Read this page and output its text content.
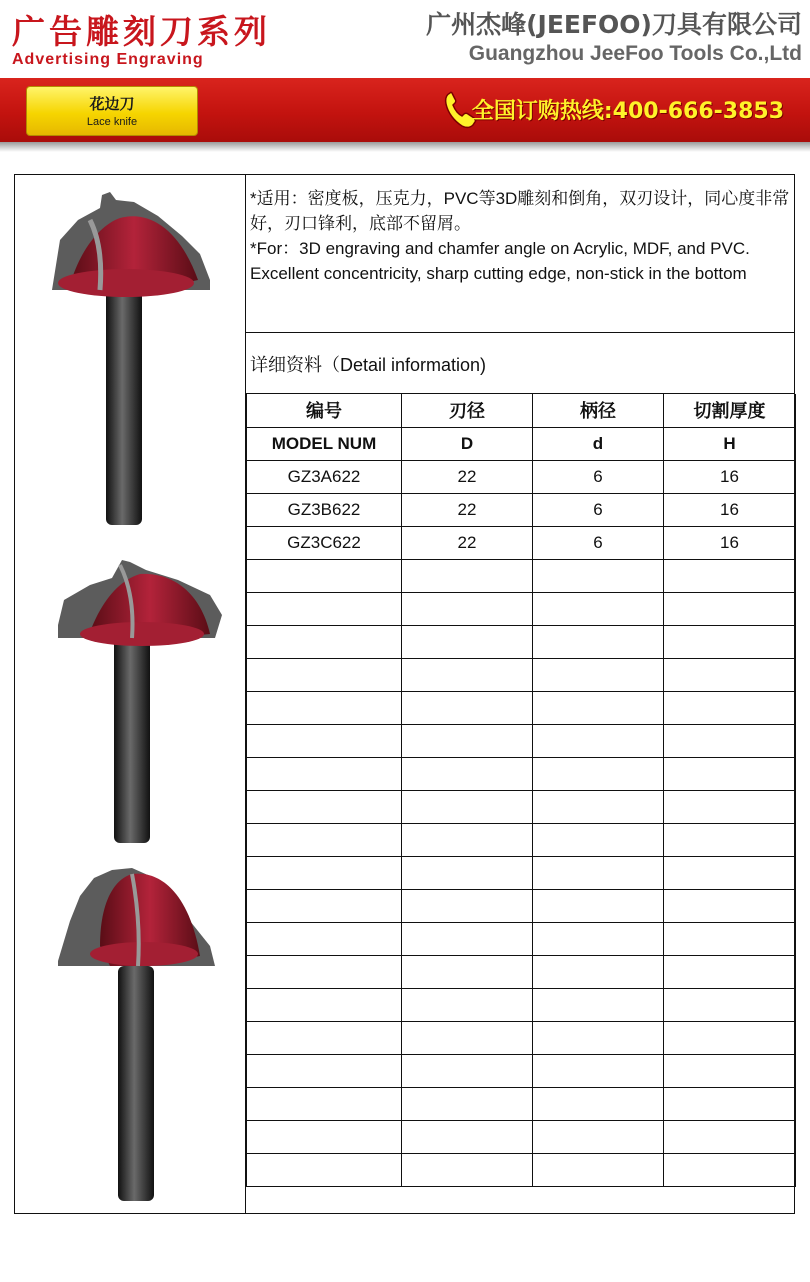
广告雕刻刀系列
Advertising Engraving
广州杰峰(JEEFOO)刀具有限公司
Guangzhou JeeFoo Tools Co.,Ltd
花边刀
Lace knife	全国订购热线:400-666-3853

*适用：密度板，压克力，PVC等3D雕刻和倒角，双刃设计，同心度非常好，刃口锋利，底部不留屑。

*For：3D engraving and chamfer angle on Acrylic, MDF, and PVC. Excellent concentricity, sharp cutting edge, non-stick in the bottom

详细资料（Detail information)
编号	刃径	柄径	切割厚度
MODEL NUM	D	d	H
GZ3A622	22	6	16
GZ3B622	22	6	16
GZ3C622	22	6	16
